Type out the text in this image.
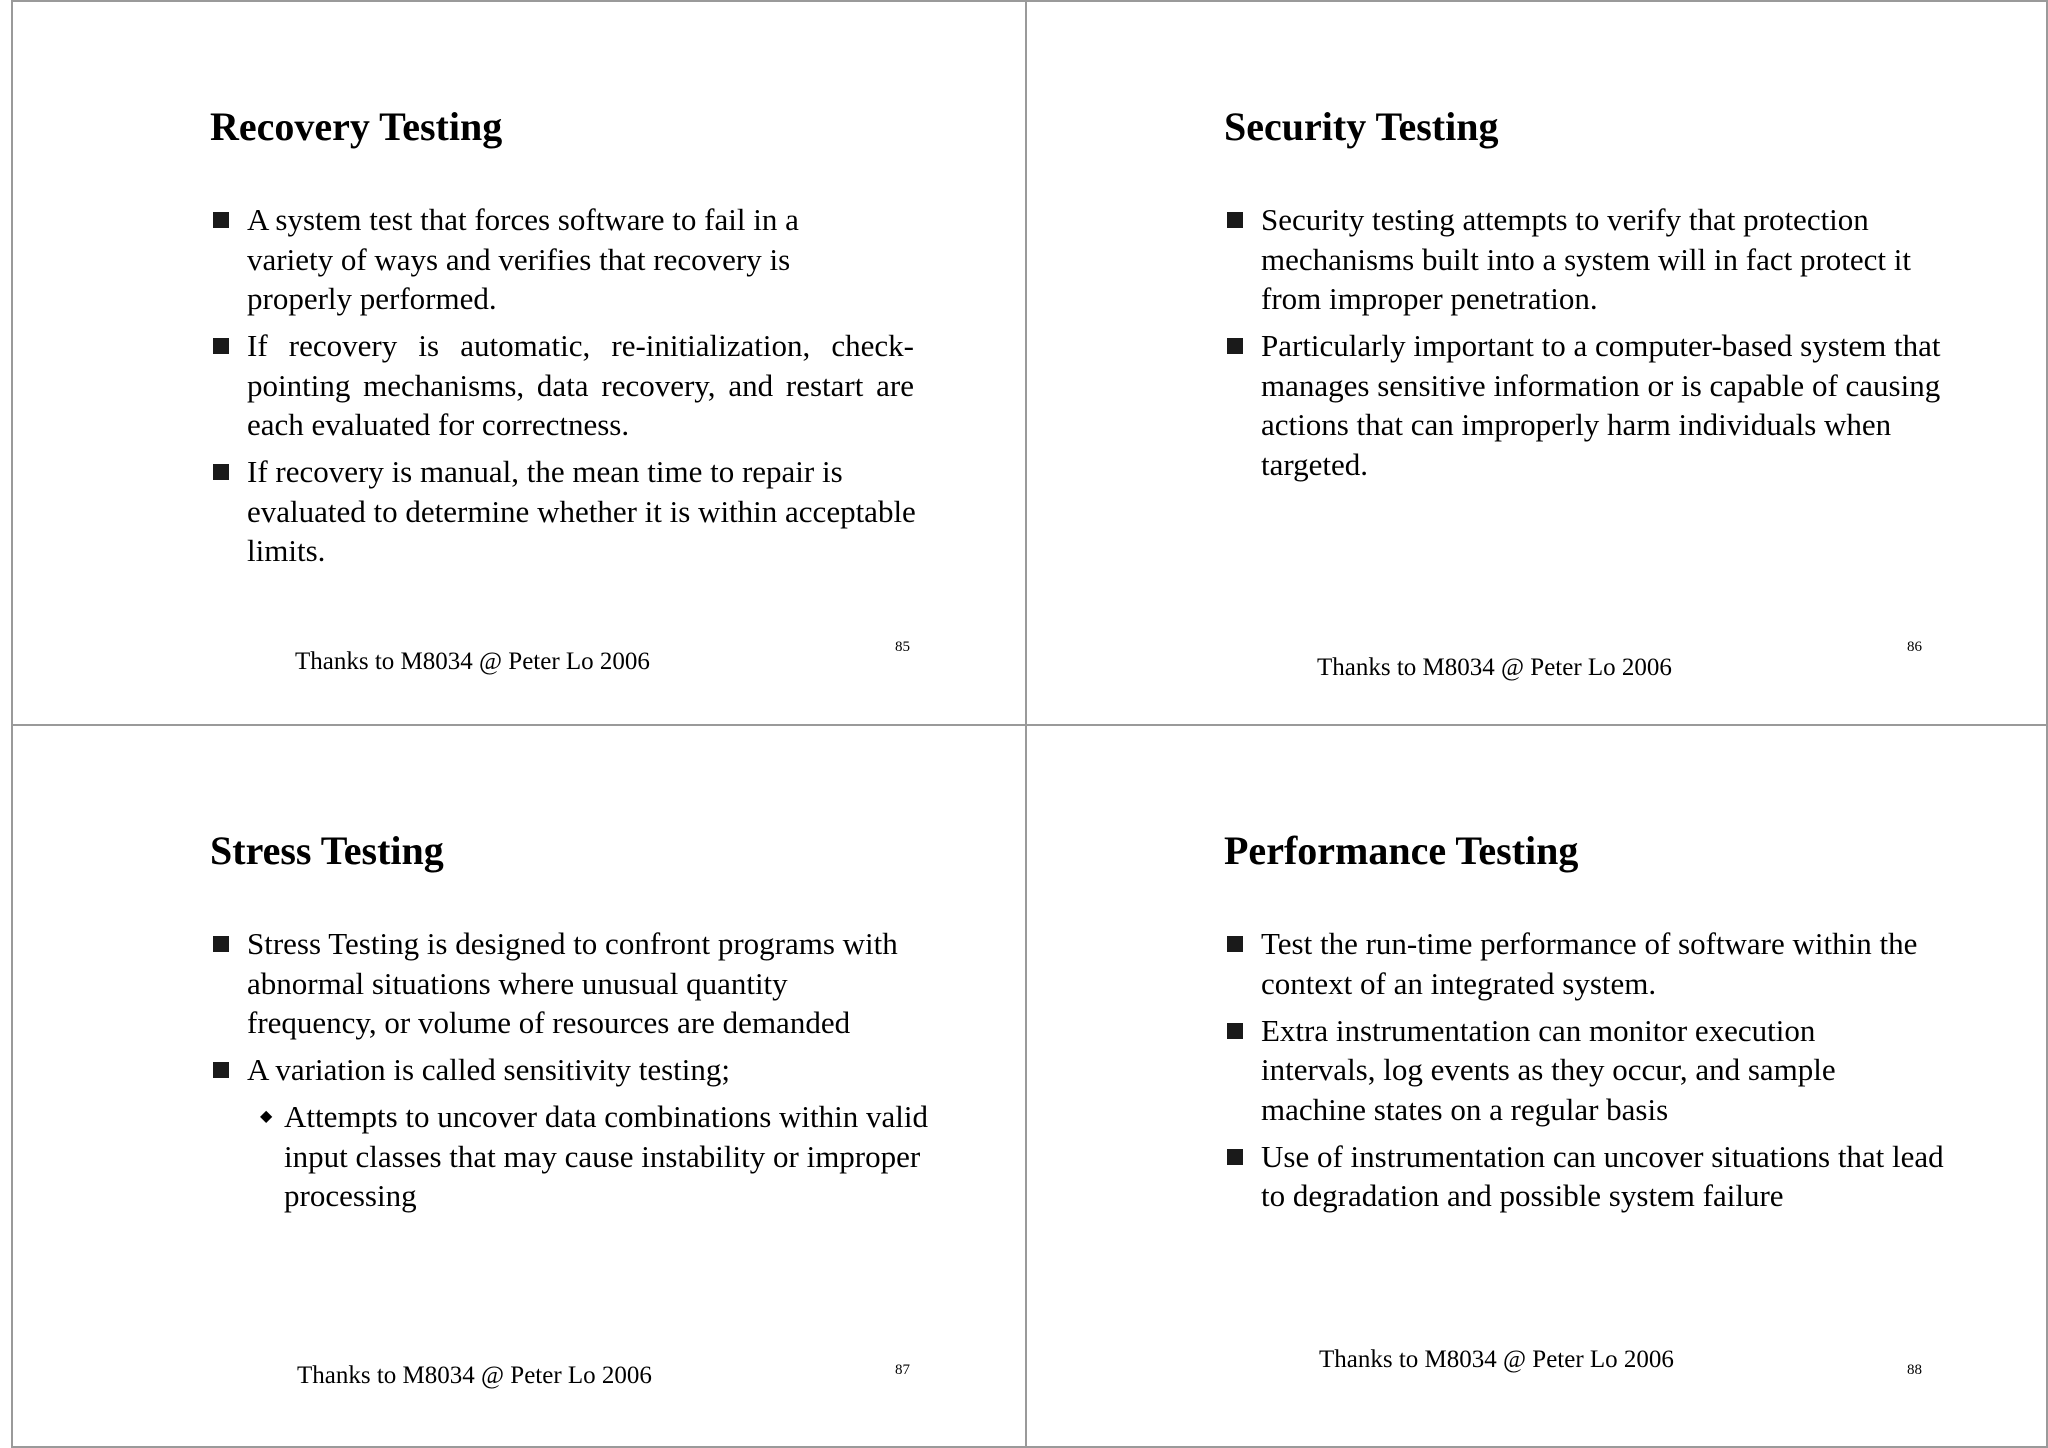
Recovery Testing
A system test that forces software to fail in a variety of ways and verifies that recovery is properly performed.
If recovery is automatic, re-initialization, check-pointing mechanisms, data recovery, and restart are each evaluated for correctness.
If recovery is manual, the mean time to repair is evaluated to determine whether it is within acceptable limits.
Thanks to M8034 @ Peter Lo 2006
85
Security Testing
Security testing attempts to verify that protection mechanisms built into a system will in fact protect it from improper penetration.
Particularly important to a computer-based system that manages sensitive information or is capable of causing actions that can improperly harm individuals when targeted.
Thanks to M8034 @ Peter Lo 2006
86
Stress Testing
Stress Testing is designed to confront programs with abnormal situations where unusual quantity frequency, or volume of resources are demanded
A variation is called sensitivity testing;
◆ Attempts to uncover data combinations within valid input classes that may cause instability or improper processing
Thanks to M8034 @ Peter Lo 2006	87
Performance Testing
Test the run-time performance of software within the context of an integrated system.
Extra instrumentation can monitor execution intervals, log events as they occur, and sample machine states on a regular basis
Use of instrumentation can uncover situations that lead to degradation and possible system failure
Thanks to M8034 @ Peter Lo 2006	88
